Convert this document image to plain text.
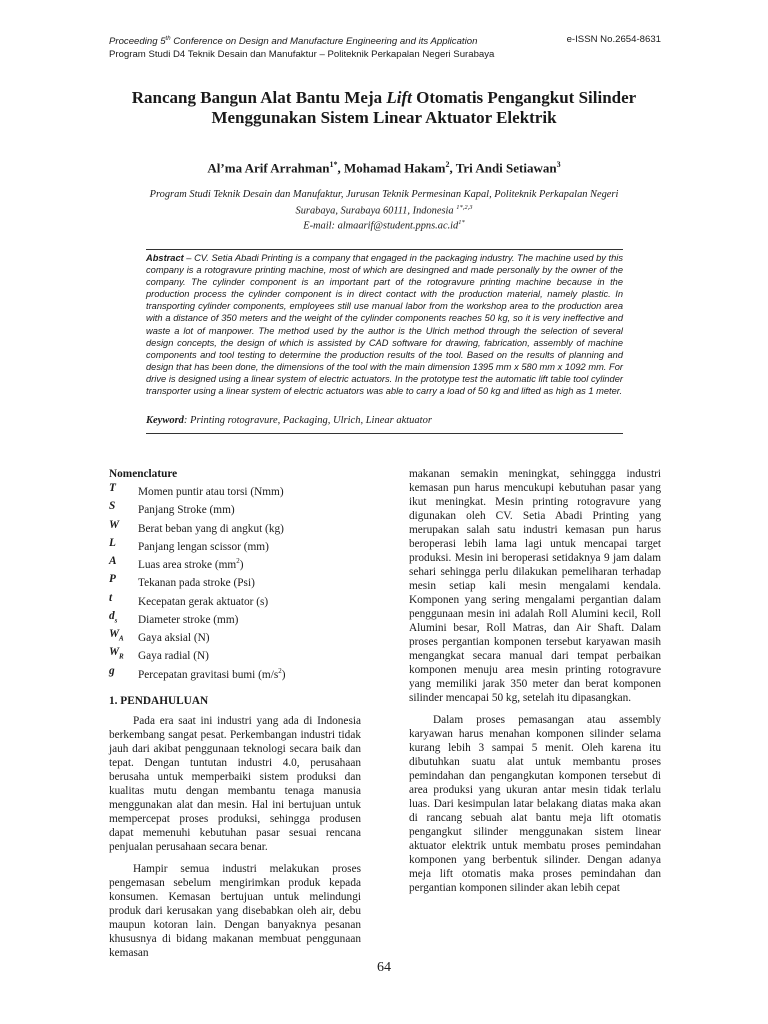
Proceeding 5th Conference on Design and Manufacture Engineering and its Application	e-ISSN No.2654-8631
Program Studi D4 Teknik Desain dan Manufaktur – Politeknik Perkapalan Negeri Surabaya
Rancang Bangun Alat Bantu Meja Lift Otomatis Pengangkut Silinder
Menggunakan Sistem Linear Aktuator Elektrik
Al’ma Arif Arrahman$^{1*}$, Mohamad Hakam$^2$, Tri Andi Setiawan$^3$
Program Studi Teknik Desain dan Manufaktur, Jurusan Teknik Permesinan Kapal, Politeknik Perkapalan Negeri
Surabaya, Surabaya 60111, Indonesia $^{1*,2,3}$
E-mail: $almaarif@student.ppns.ac.id^{1*}$
Abstract – CV. Setia Abadi Printing is a company that engaged in the packaging industry. The machine used by this company is a rotogravure printing machine, most of which are desingned and made personally by the owner of the company. The cylinder component is an important part of the rotogravure printing machine because in the production process the cylinder component is in direct contact with the production material, namely plastic. In transporting cylinder components, employees still use manual labor from the workshop area to the production area with a distance of 350 meters and the weight of the cylinder components reaches 50 kg, so it is very ineffective and waste a lot of manpower. The method used by the author is the Ulrich method through the selection of several design concepts, the design of which is assisted by CAD software for drawing, fabrication, assembly of machine components and tool testing to determine the production results of the tool. Based on the results of planning and design that has been done, the dimensions of the tool with the main dimension 1395 mm x 580 mm x 1092 mm. For drive is designed using a linear system of electric actuators. In the prototype test the automatic lift table tool cylinder transporter using a linear system of electric actuators was able to carry a load of 50 kg and lifted as high as 1 meter.
Keyword: Printing rotogravure, Packaging, Ulrich, Linear aktuator
Nomenclature
T	Momen puntir atau torsi (Nmm)
S	Panjang Stroke (mm)
W	Berat beban yang di angkut (kg)
L	Panjang lengan scissor (mm)
A	Luas area stroke $(mm^2)$
P	Tekanan pada stroke (Psi)
t	Kecepatan gerak aktuator (s)
$d_s$	Diameter stroke (mm)
$W_A$	Gaya aksial (N)
$W_R$	Gaya radial (N)
g	Percepatan gravitasi bumi $(m/s^2)$
1. PENDAHULUAN

Pada era saat ini industri yang ada di Indonesia berkembang sangat pesat. Perkembangan industri tidak jauh dari akibat penggunaan teknologi secara baik dan tepat. Dengan tuntutan industri 4.0, perusahaan berusaha untuk memperbaiki sistem produksi dan kualitas mutu dengan membantu tenaga manusia menggunakan alat dan mesin. Hal ini bertujuan untuk mempercepat proses produksi, sehingga produsen dapat memenuhi kebutuhan pasar sesuai rencana penjualan perusahaan secara benar.

Hampir semua industri melakukan proses pengemasan sebelum mengirimkan produk kepada konsumen. Kemasan bertujuan untuk melindungi produk dari kerusakan yang disebabkan oleh air, debu maupun kotoran lain. Dengan banyaknya pesanan khususnya di bidang makanan membuat penggunaan kemasan

makanan semakin meningkat, sehinggga industri kemasan pun harus mencukupi kebutuhan pasar yang ikut meningkat. Mesin printing rotogravure yang digunakan oleh CV. Setia Abadi Printing yang merupakan salah satu industri kemasan pun harus beroperasi lebih lama lagi untuk mencapai target produksi. Mesin ini beroperasi setidaknya 9 jam dalam sehari sehingga perlu dilakukan pemeliharan terhadap mesin setiap kali mesin mengalami kendala. Komponen yang sering mengalami pergantian dalam penggunaan mesin ini adalah Roll Alumini kecil, Roll Alumini besar, Roll Matras, dan Air Shaft. Dalam proses pergantian komponen tersebut karyawan masih mengangkat secara manual dari tempat perbaikan komponen menuju area mesin printing rotogravure yang memiliki jarak 350 meter dan berat komponen silinder mencapai 50 kg, setelah itu dipasangkan.

Dalam proses pemasangan atau assembly karyawan harus menahan komponen silinder selama kurang lebih 3 sampai 5 menit. Oleh karena itu dibutuhkan suatu alat untuk membantu proses pemindahan dan pengangkutan komponen tersebut di area produksi yang ukuran antar mesin tidak terlalu luas. Dari kesimpulan latar belakang diatas maka akan di rancang sebuah alat bantu meja lift otomatis pengangkut silinder menggunakan sistem linear aktuator elektrik untuk membatu proses pemindahan komponen yang berbentuk silinder. Dengan adanya meja lift otomatis maka proses pemindahan dan pergantian komponen silinder akan lebih cepat

64
